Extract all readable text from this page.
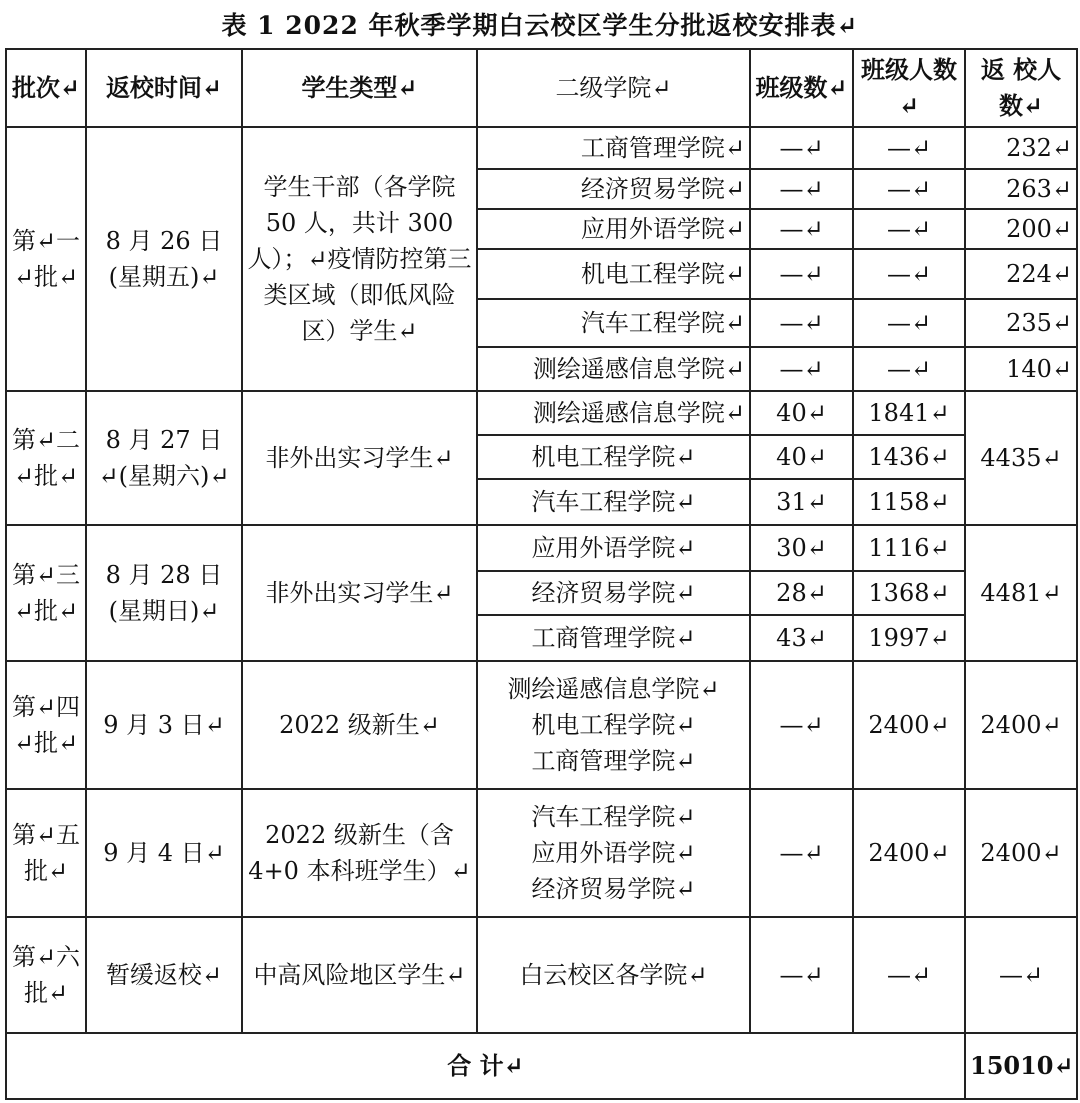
表 1 2022 年秋季学期白云校区学生分批返校安排表↵
批次↵	返校时间↵	学生类型↵	二级学院↵	班级数↵	班级人数↵	返 校人数↵
第↵一↵批↵	8 月 26 日(星期五)↵	学生干部（各学院 50 人，共计 300 人）；↵疫情防控第三类区域（即低风险区）学生↵	工商管理学院↵	—↵	—↵	232↵
			经济贸易学院↵	—↵	—↵	263↵
			应用外语学院↵	—↵	—↵	200↵
			机电工程学院↵	—↵	—↵	224↵
			汽车工程学院↵	—↵	—↵	235↵
			测绘遥感信息学院↵	—↵	—↵	140↵
第↵二↵批↵	8 月 27 日↵(星期六)↵	非外出实习学生↵	测绘遥感信息学院↵	40↵	1841↵	4435↵
			机电工程学院↵	40↵	1436↵	
			汽车工程学院↵	31↵	1158↵	
第↵三↵批↵	8 月 28 日(星期日)↵	非外出实习学生↵	应用外语学院↵	30↵	1116↵	4481↵
			经济贸易学院↵	28↵	1368↵	
			工商管理学院↵	43↵	1997↵	
第↵四↵批↵	9 月 3 日↵	2022 级新生↵	测绘遥感信息学院↵
机电工程学院↵
工商管理学院↵	—↵	2400↵	2400↵
第↵五批↵	9 月 4 日↵	2022 级新生（含 4+0 本科班学生）↵	汽车工程学院↵
应用外语学院↵
经济贸易学院↵	—↵	2400↵	2400↵
第↵六批↵	暂缓返校↵	中高风险地区学生↵	白云校区各学院↵	—↵	—↵	—↵
合 计↵						15010↵
